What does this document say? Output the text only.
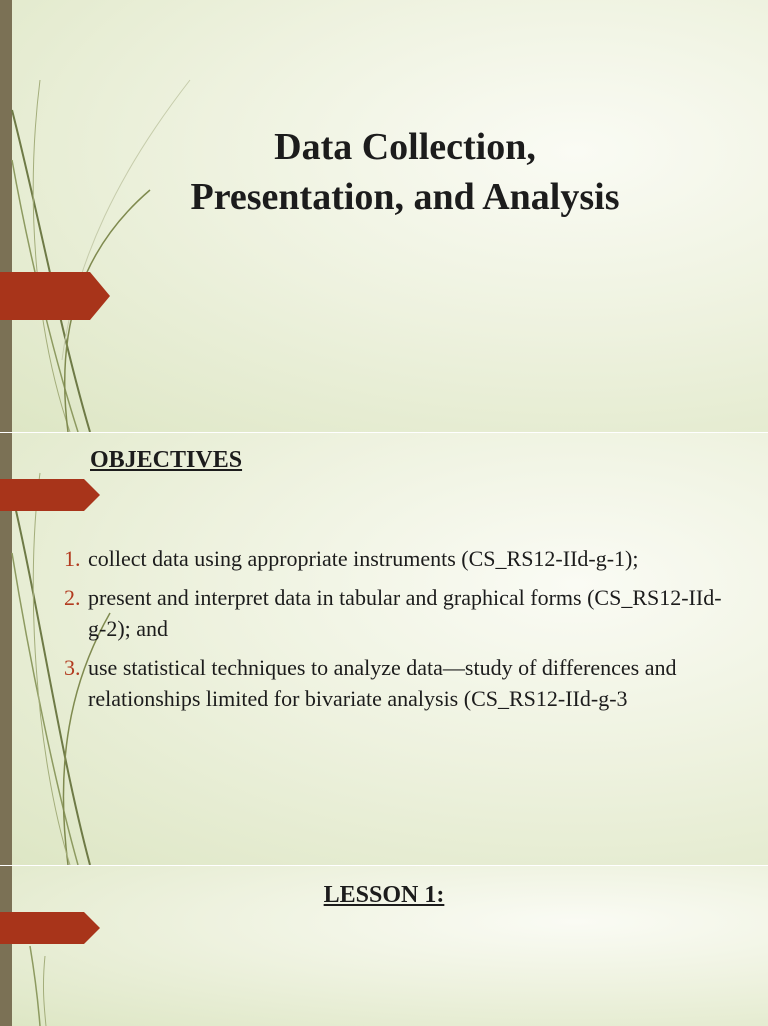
Data Collection,
Presentation, and Analysis
OBJECTIVES
1. collect data using appropriate instruments (CS_RS12-IId-g-1);
2. present and interpret data in tabular and graphical forms (CS_RS12-IId-g-2); and
3. use statistical techniques to analyze data—study of differences and relationships limited for bivariate analysis (CS_RS12-IId-g-3
LESSON 1:
